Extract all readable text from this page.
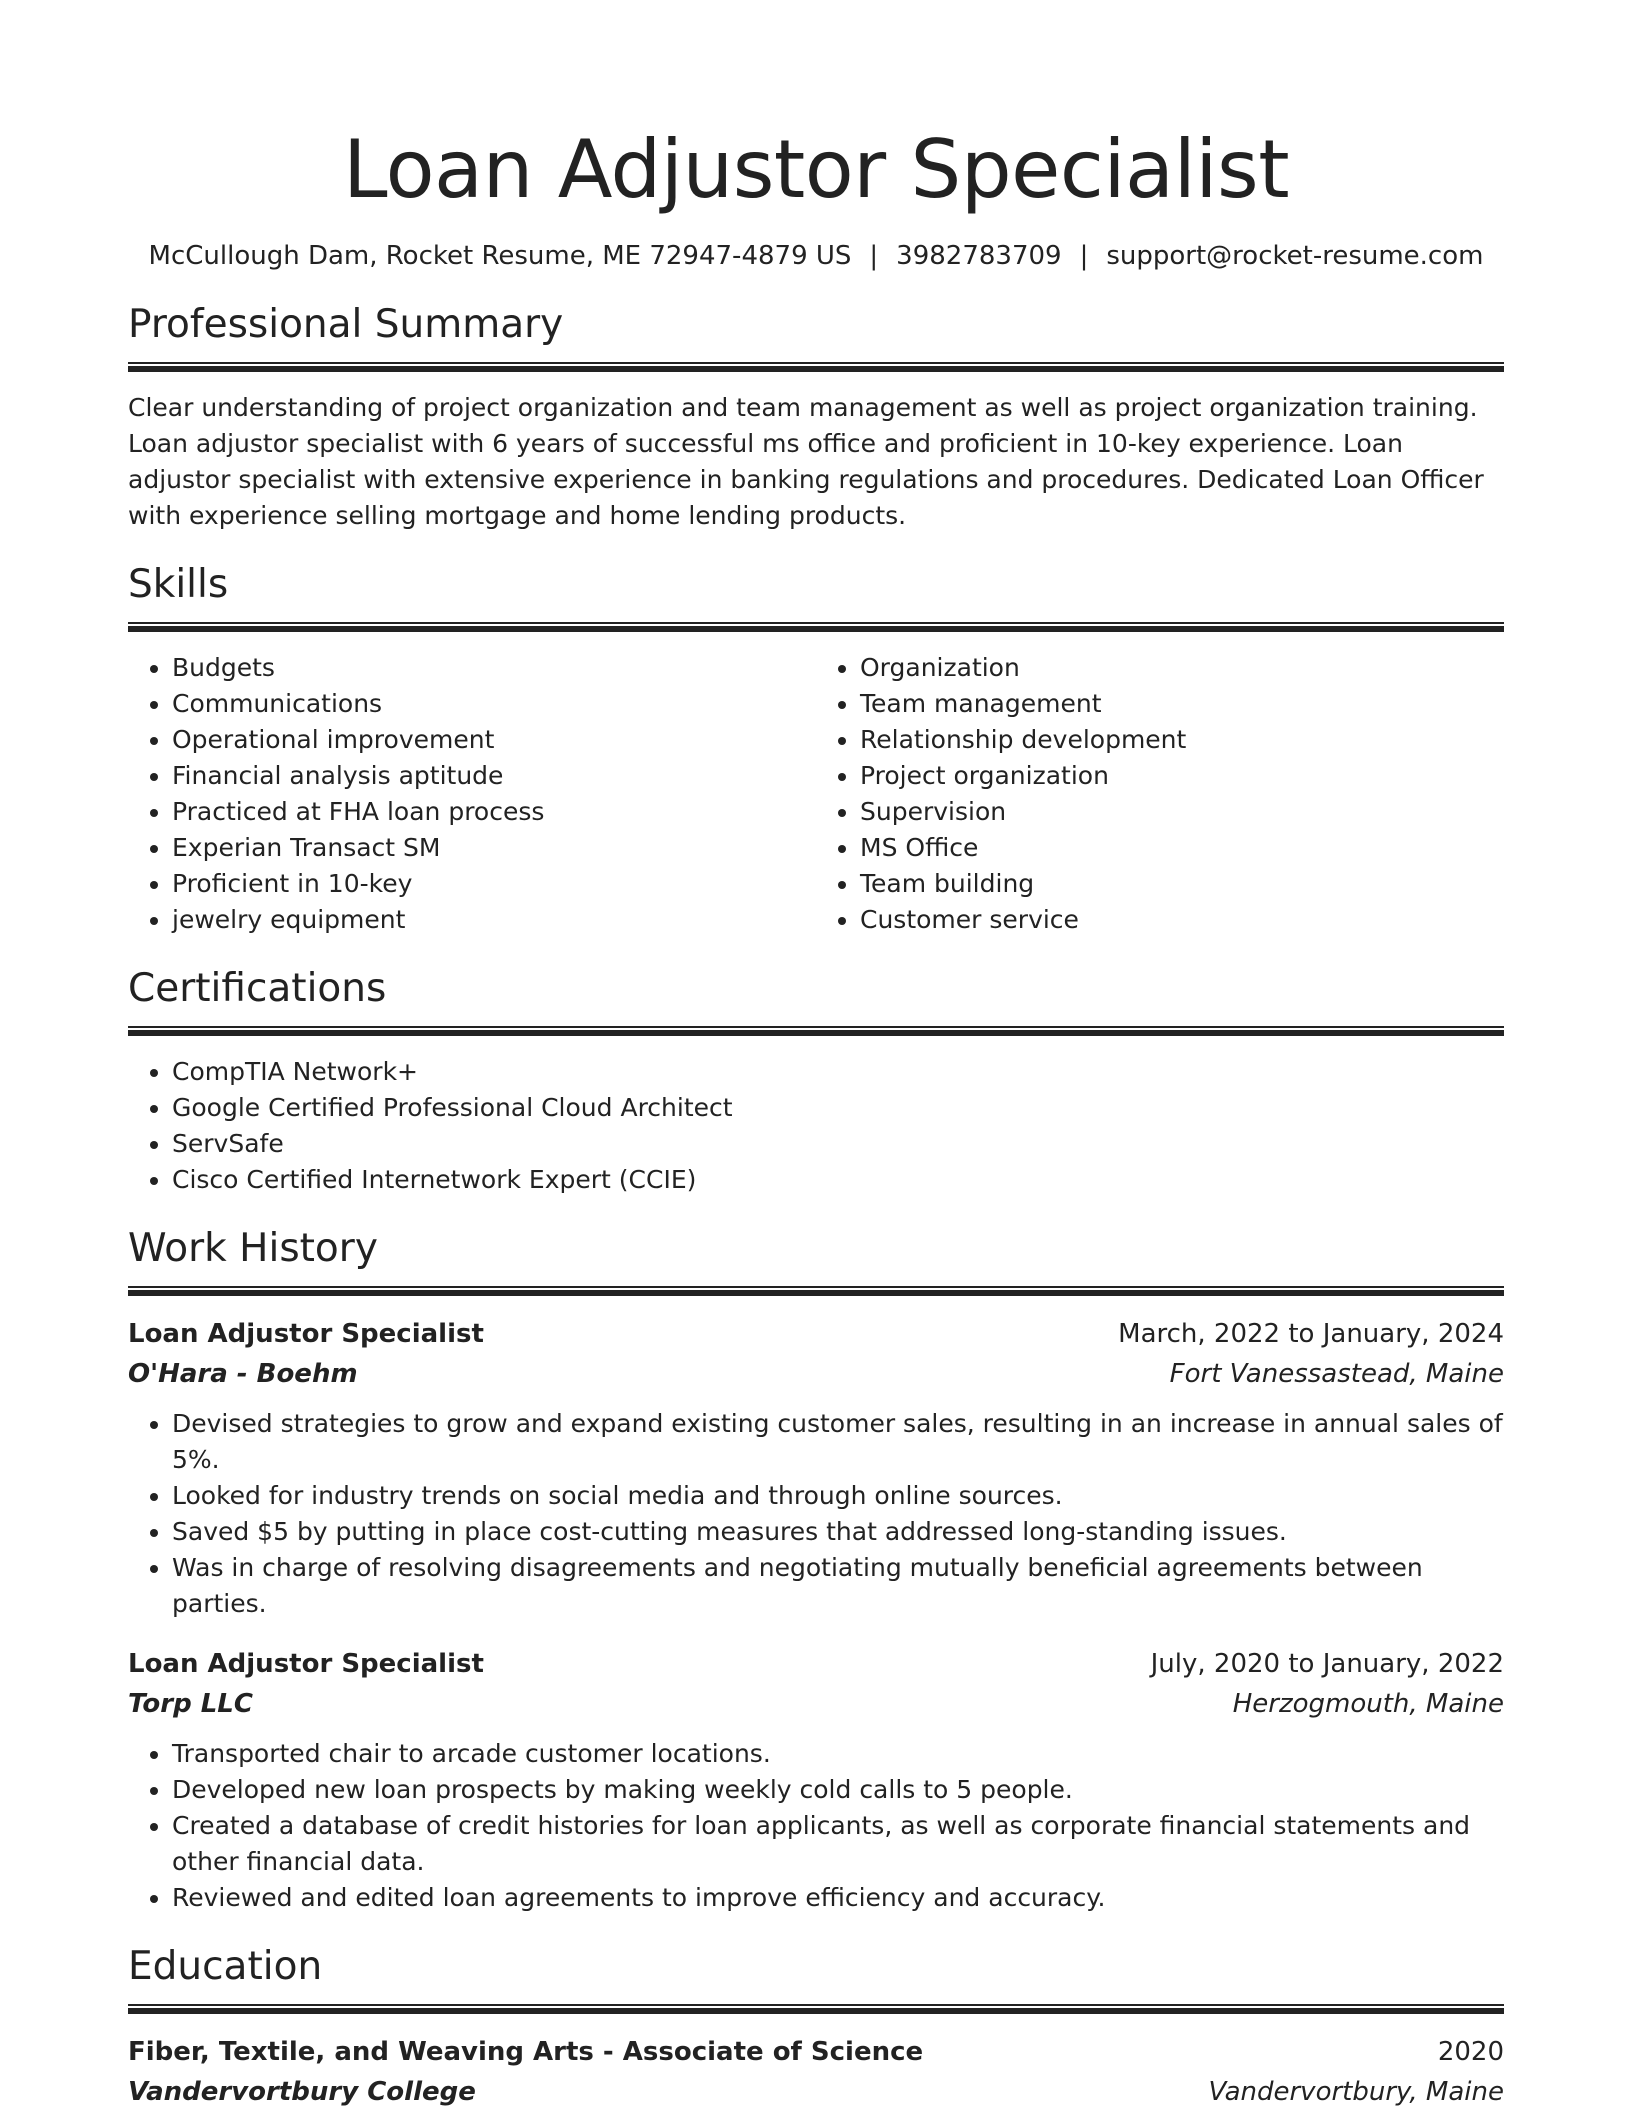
Loan Adjustor Specialist
McCullough Dam, Rocket Resume, ME 72947-4879 US | 3982783709 | support@rocket-resume.com
Professional Summary

Clear understanding of project organization and team management as well as project organization training. Loan adjustor specialist with 6 years of successful ms office and proficient in 10-key experience. Loan adjustor specialist with extensive experience in banking regulations and procedures. Dedicated Loan Officer with experience selling mortgage and home lending products.

Skills
• Budgets
• Communications
• Operational improvement
• Financial analysis aptitude
• Practiced at FHA loan process
• Experian Transact SM
• Proficient in 10-key
• jewelry equipment
• Organization
• Team management
• Relationship development
• Project organization
• Supervision
• MS Office
• Team building
• Customer service
Certifications
• CompTIA Network+
• Google Certified Professional Cloud Architect
• ServSafe
• Cisco Certified Internetwork Expert (CCIE)
Work History
Loan Adjustor Specialist	March, 2022 to January, 2024
O'Hara - Boehm	Fort Vanessastead, Maine
• Devised strategies to grow and expand existing customer sales, resulting in an increase in annual sales of 5%.
• Looked for industry trends on social media and through online sources.
• Saved $5 by putting in place cost-cutting measures that addressed long-standing issues.
• Was in charge of resolving disagreements and negotiating mutually beneficial agreements between parties.
Loan Adjustor Specialist	July, 2020 to January, 2022
Torp LLC	Herzogmouth, Maine
• Transported chair to arcade customer locations.
• Developed new loan prospects by making weekly cold calls to 5 people.
• Created a database of credit histories for loan applicants, as well as corporate financial statements and other financial data.
• Reviewed and edited loan agreements to improve efficiency and accuracy.
Education
Fiber, Textile, and Weaving Arts - Associate of Science	2020
Vandervortbury College	Vandervortbury, Maine
